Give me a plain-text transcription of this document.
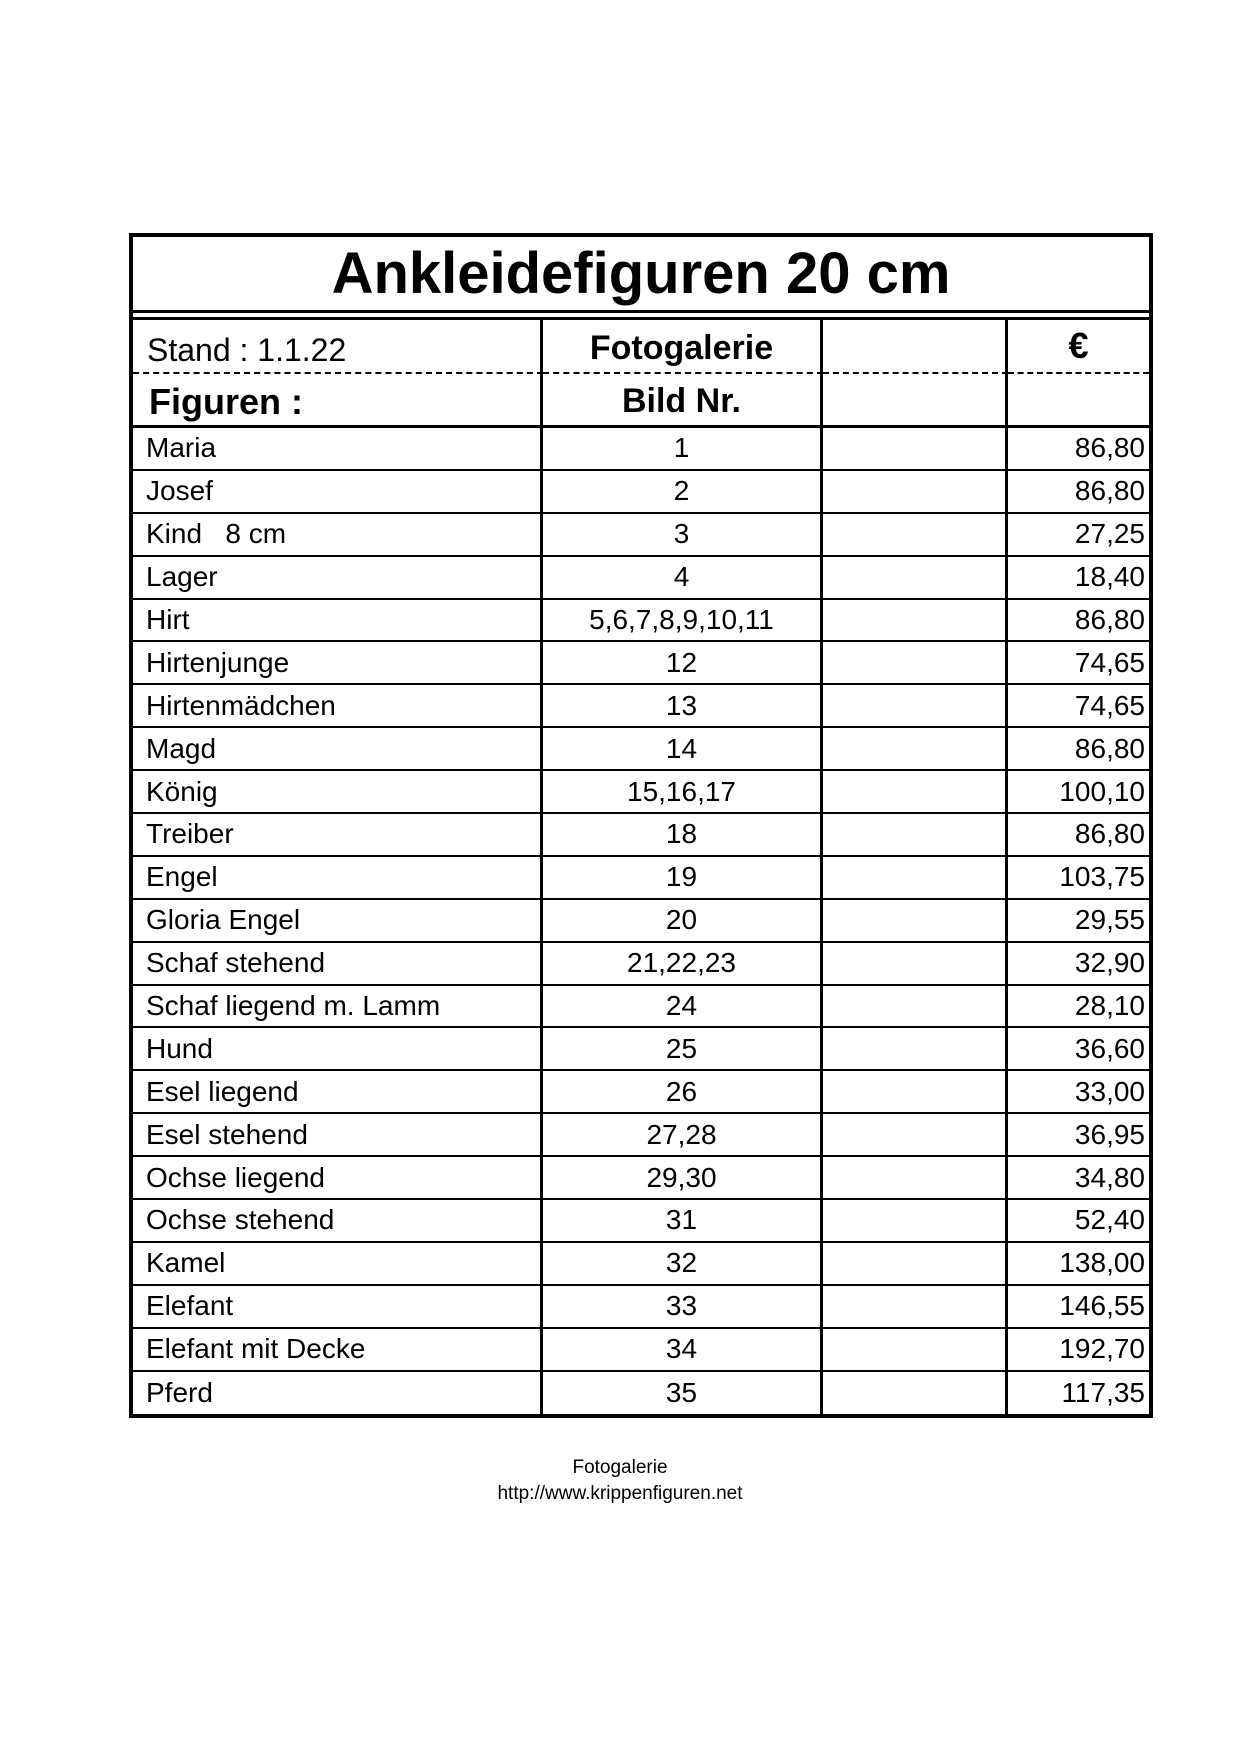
Ankleidefiguren 20 cm
Stand : 1.1.22	Fotogalerie	€
Figuren :	Bild Nr.
Maria	1	86,80
Josef	2	86,80
Kind   8 cm	3	27,25
Lager	4	18,40
Hirt	5,6,7,8,9,10,11	86,80
Hirtenjunge	12	74,65
Hirtenmädchen	13	74,65
Magd	14	86,80
König	15,16,17	100,10
Treiber	18	86,80
Engel	19	103,75
Gloria Engel	20	29,55
Schaf stehend	21,22,23	32,90
Schaf liegend m. Lamm	24	28,10
Hund	25	36,60
Esel liegend	26	33,00
Esel stehend	27,28	36,95
Ochse liegend	29,30	34,80
Ochse stehend	31	52,40
Kamel	32	138,00
Elefant	33	146,55
Elefant mit Decke	34	192,70
Pferd	35	117,35
Fotogalerie
http://www.krippenfiguren.net
